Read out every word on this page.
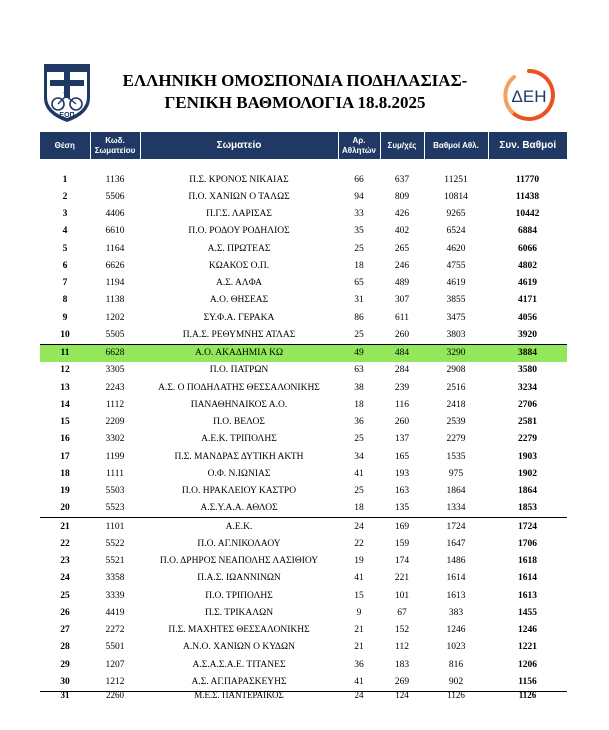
ΕΟΠ
ΕΛΛΗΝΙΚΗ ΟΜΟΣΠΟΝΔΙΑ ΠΟΔΗΛΑΣΙΑΣ-
ΓΕΝΙΚΗ ΒΑΘΜΟΛΟΓΙΑ 18.8.2025	ΔΕΗ
Θέση	Κωδ. Σωματείου	Σωματείο	Αρ. Αθλητών	Συμ/χές	Βαθμοί Αθλ.	Συν. Βαθμοί

1	1136	Π.Σ. ΚΡΟΝΟΣ ΝΙΚΑΙΑΣ	66	637	11251	11770
2	5506	Π.Ο. ΧΑΝΙΩΝ Ο ΤΑΛΩΣ	94	809	10814	11438
3	4406	Π.Γ.Σ. ΛΑΡΙΣΑΣ	33	426	9265	10442
4	6610	Π.Ο. ΡΟΔΟΥ ΡΟΔΗΛΙΟΣ	35	402	6524	6884
5	1164	Α.Σ. ΠΡΩΤΕΑΣ	25	265	4620	6066
6	6626	ΚΩΑΚΟΣ Ο.Π.	18	246	4755	4802
7	1194	Α.Σ. ΑΛΦΑ	65	489	4619	4619
8	1138	Α.Ο. ΘΗΣΕΑΣ	31	307	3855	4171
9	1202	ΣΥ.Φ.Α. ΓΕΡΑΚΑ	86	611	3475	4056
10	5505	Π.Α.Σ. ΡΕΘΥΜΝΗΣ ΑΤΛΑΣ	25	260	3803	3920
11	6628	Α.Ο. ΑΚΑΔΗΜΙΑ ΚΩ	49	484	3290	3884
12	3305	Π.Ο. ΠΑΤΡΩΝ	63	284	2908	3580
13	2243	Α.Σ. Ο ΠΟΔΗΛΑΤΗΣ ΘΕΣΣΑΛΟΝΙΚΗΣ	38	239	2516	3234
14	1112	ΠΑΝΑΘΗΝΑΙΚΟΣ Α.Ο.	18	116	2418	2706
15	2209	Π.Ο. ΒΕΛΟΣ	36	260	2539	2581
16	3302	Α.Ε.Κ. ΤΡΙΠΟΛΗΣ	25	137	2279	2279
17	1199	Π.Σ. ΜΑΝΔΡΑΣ ΔΥΤΙΚΗ ΑΚΤΗ	34	165	1535	1903
18	1111	Ο.Φ. Ν.ΙΩΝΙΑΣ	41	193	975	1902
19	5503	Π.Ο. ΗΡΑΚΛΕΙΟΥ ΚΑΣΤΡΟ	25	163	1864	1864
20	5523	Α.Σ.Υ.Α.Α. ΑΘΛΟΣ	18	135	1334	1853
21	1101	Α.Ε.Κ.	24	169	1724	1724
22	5522	Π.Ο. ΑΓ.ΝΙΚΟΛΑΟΥ	22	159	1647	1706
23	5521	Π.Ο. ΔΡΗΡΟΣ ΝΕΑΠΟΛΗΣ ΛΑΣΙΘΙΟΥ	19	174	1486	1618
24	3358	Π.Α.Σ. ΙΩΑΝΝΙΝΩΝ	41	221	1614	1614
25	3339	Π.Ο. ΤΡΙΠΟΛΗΣ	15	101	1613	1613
26	4419	Π.Σ. ΤΡΙΚΑΛΩΝ	9	67	383	1455
27	2272	Π.Σ. ΜΑΧΗΤΕΣ ΘΕΣΣΑΛΟΝΙΚΗΣ	21	152	1246	1246
28	5501	Α.Ν.Ο. ΧΑΝΙΩΝ Ο ΚΥΔΩΝ	21	112	1023	1221
29	1207	Α.Σ.Α.Σ.Α.Ε. ΤΙΤΑΝΕΣ	36	183	816	1206
30	1212	Α.Σ. ΑΓ.ΠΑΡΑΣΚΕΥΗΣ	41	269	902	1156
31	2260	Μ.Ε.Σ. ΠΑΝΤΕΡΑΙΚΟΣ	24	124	1126	1126
